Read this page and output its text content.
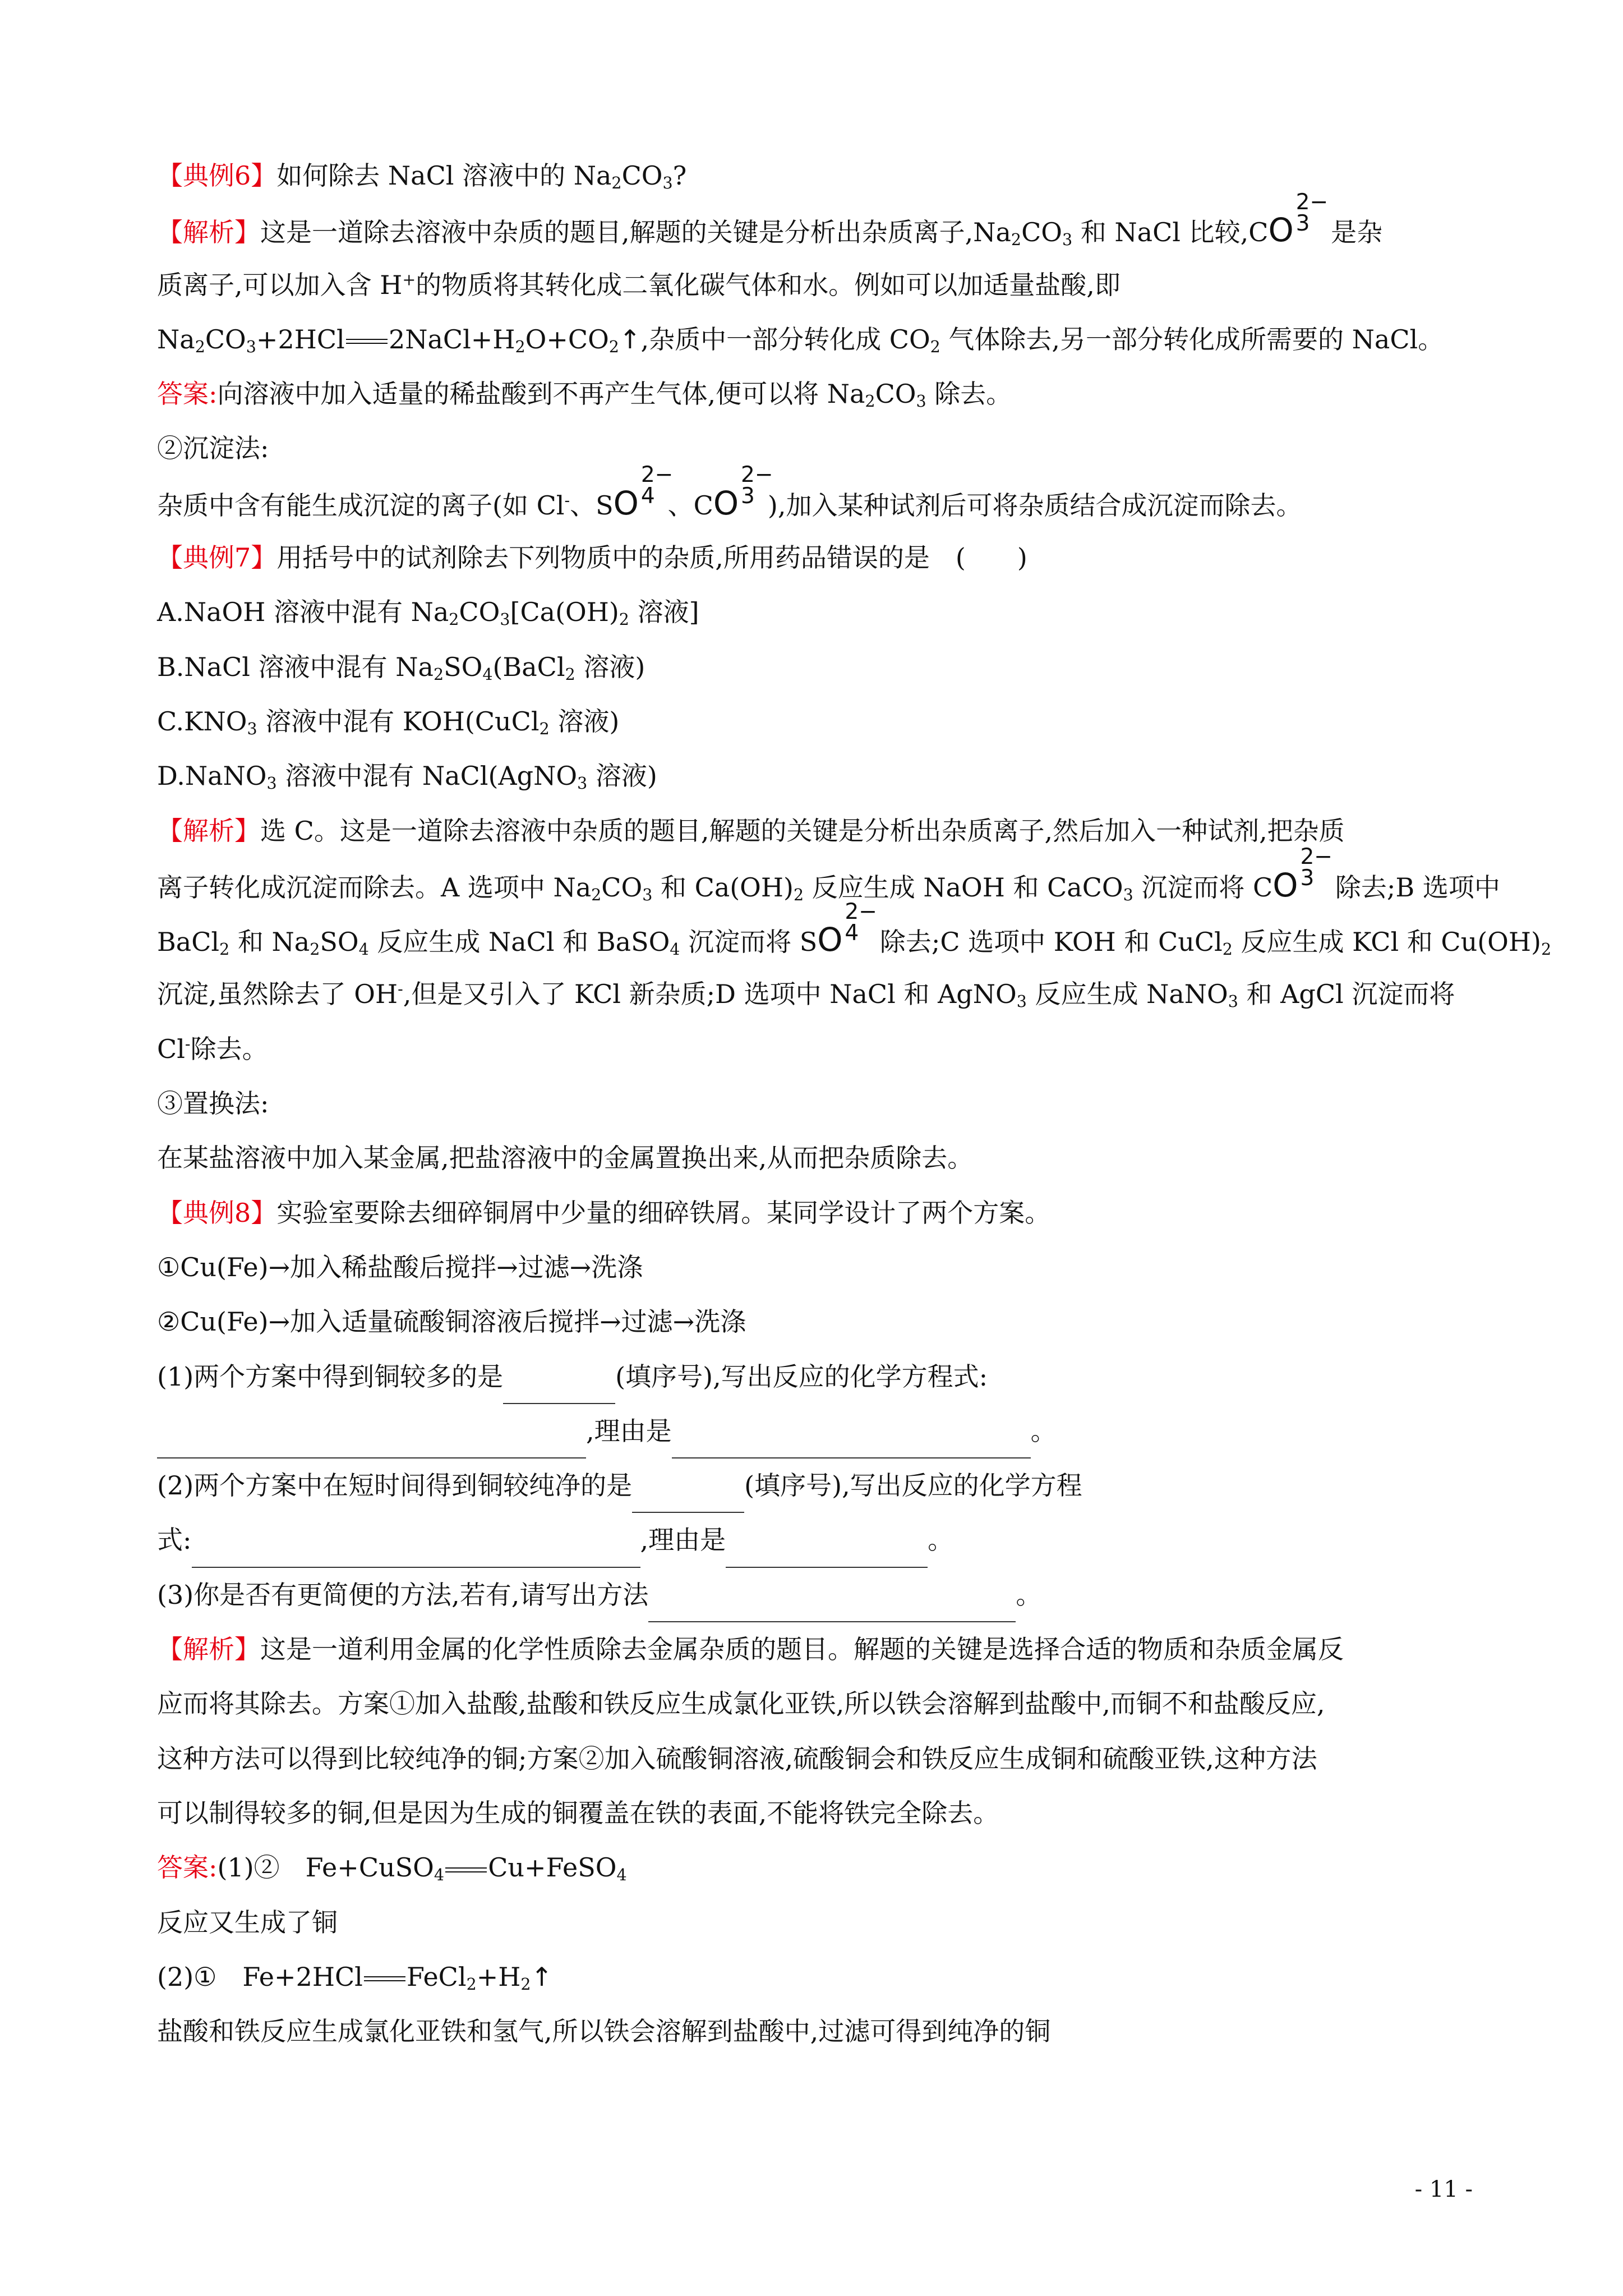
【典例6】如何除去 NaCl 溶液中的 $Na_2CO_3$?
【解析】这是一道除去溶液中杂质的题目,解题的关键是分析出杂质离子$,Na_2CO_3$ 和 NaCl 比较,CO
2−
3 是杂
质离子,可以加入含 H+的物质将其转化成二氧化碳气体和水。例如可以加适量盐酸,即
$Na_2CO_3+2HCl$ $2NaCl+H_2O+CO_2↑$,杂质中一部分转化成 $CO_2$ 气体除去,另一部分转化成所需要的 NaCl。
答案:向溶液中加入适量的稀盐酸到不再产生气体,便可以将 $Na_2CO_3$ 除去。
②沉淀法:
杂质中含有能生成沉淀的离子(如 Cl-、SO
2−
4 、CO
2−
3 ),加入某种试剂后可将杂质结合成沉淀而除去。
【典例7】用括号中的试剂除去下列物质中的杂质,所用药品错误的是　(　　)
A.NaOH 溶液中混有 $Na_2CO_3[Ca(OH)_2$ 溶液]
B.NaCl 溶液中混有 $Na_2SO_4(BaCl_2$ 溶液)
$C.KNO_3$ 溶液中混有 KOH(CuCl$_2$ 溶液)
D.NaNO$_3$ 溶液中混有 NaCl(AgNO$_3$ 溶液)
【解析】选 C。这是一道除去溶液中杂质的题目,解题的关键是分析出杂质离子,然后加入一种试剂,把杂质
离子转化成沉淀而除去。A 选项中 $Na_2CO_3$ 和 $Ca(OH)_2$ 反应生成 NaOH 和 CaCO$_3$ 沉淀而将 CO
2−
3 除去;B 选项中
BaCl$_2$ 和 $Na_2SO_4$ 反应生成 NaCl 和 BaSO$_4$ 沉淀而将 SO
2−
4 除去;C 选项中 KOH 和 CuCl$_2$ 反应生成 KCl 和 $Cu(OH)_2$
沉淀,虽然除去了 OH-,但是又引入了 KCl 新杂质;D 选项中 NaCl 和 AgNO$_3$ 反应生成 NaNO$_3$ 和 AgCl 沉淀而将
Cl-除去。
③置换法:
在某盐溶液中加入某金属,把盐溶液中的金属置换出来,从而把杂质除去。
【典例8】实验室要除去细碎铜屑中少量的细碎铁屑。某同学设计了两个方案。
①Cu(Fe)→加入稀盐酸后搅拌→过滤→洗涤
②Cu(Fe)→加入适量硫酸铜溶液后搅拌→过滤→洗涤
(1)两个方案中得到铜较多的是	(填序号),写出反应的化学方程式:
,理由是	。
(2)两个方案中在短时间得到铜较纯净的是	(填序号),写出反应的化学方程
式:	,理由是	。
(3)你是否有更简便的方法,若有,请写出方法	。
【解析】这是一道利用金属的化学性质除去金属杂质的题目。解题的关键是选择合适的物质和杂质金属反
应而将其除去。方案①加入盐酸,盐酸和铁反应生成氯化亚铁,所以铁会溶解到盐酸中,而铜不和盐酸反应,
这种方法可以得到比较纯净的铜;方案②加入硫酸铜溶液,硫酸铜会和铁反应生成铜和硫酸亚铁,这种方法
可以制得较多的铜,但是因为生成的铜覆盖在铁的表面,不能将铁完全除去。
答案:(1)②　Fe+CuSO$_4$ Cu+FeSO$_4$
反应又生成了铜
(2)①　Fe+2HCl $FeCl_2+H_2↑$
盐酸和铁反应生成氯化亚铁和氢气,所以铁会溶解到盐酸中,过滤可得到纯净的铜
- 11 -
